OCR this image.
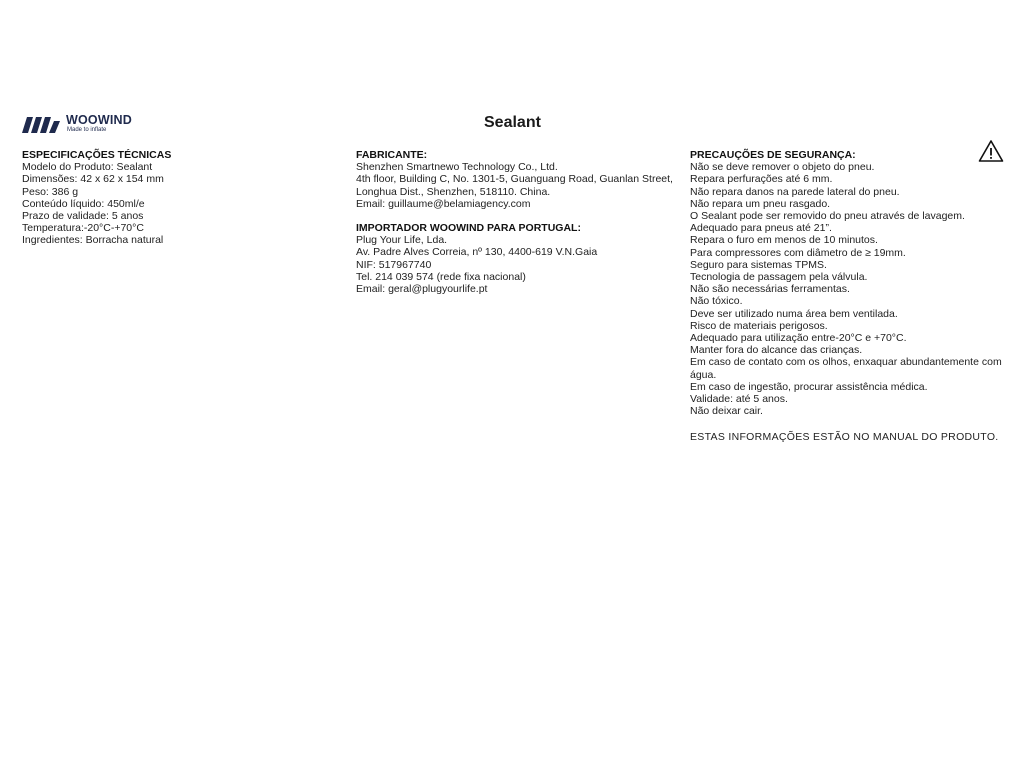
WOOWIND
Made to inflate	Sealant
ESPECIFICAÇÕES TÉCNICAS
Modelo do Produto: Sealant
Dimensões: 42 x 62 x 154 mm
Peso: 386 g
Conteúdo líquido: 450ml/e
Prazo de validade: 5 anos
Temperatura:-20°C-+70°C
Ingredientes: Borracha natural
FABRICANTE:
Shenzhen Smartnewo Technology Co., Ltd.
4th floor, Building C, No. 1301-5, Guanguang Road, Guanlan Street,
Longhua Dist., Shenzhen, 518110. China.
Email: guillaume@belamiagency.com
IMPORTADOR WOOWIND PARA PORTUGAL:
Plug Your Life, Lda.
Av. Padre Alves Correia, nº 130, 4400-619 V.N.Gaia
NIF: 517967740
Tel. 214 039 574 (rede fixa nacional)
Email: geral@plugyourlife.pt
PRECAUÇÕES DE SEGURANÇA:
Não se deve remover o objeto do pneu.
Repara perfurações até 6 mm.
Não repara danos na parede lateral do pneu.
Não repara um pneu rasgado.
O Sealant pode ser removido do pneu através de lavagem.
Adequado para pneus até 21”.
Repara o furo em menos de 10 minutos.
Para compressores com diâmetro de ≥ 19mm.
Seguro para sistemas TPMS.
Tecnologia de passagem pela válvula.
Não são necessárias ferramentas.
Não tóxico.
Deve ser utilizado numa área bem ventilada.
Risco de materiais perigosos.
Adequado para utilização entre-20°C e +70°C.
Manter fora do alcance das crianças.
Em caso de contato com os olhos, enxaquar abundantemente com
água.
Em caso de ingestão, procurar assistência médica.
Validade: até 5 anos.
Não deixar cair.
ESTAS INFORMAÇÕES ESTÃO NO MANUAL DO PRODUTO.
